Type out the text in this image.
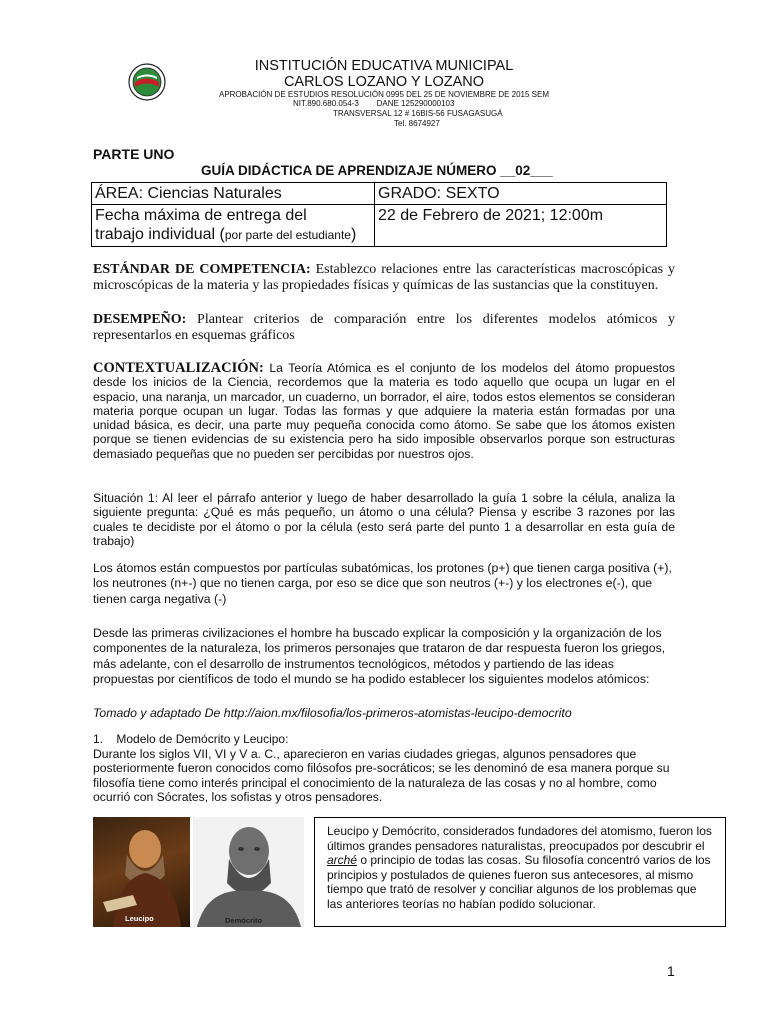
INSTITUCIÓN EDUCATIVA MUNICIPAL
CARLOS LOZANO Y LOZANO
APROBACIÓN DE ESTUDIOS RESOLUCIÓN 0995 DEL 25 DE NOVIEMBRE DE 2015 SEM
NIT.890.680.054-3        DANE 125290000103
TRANSVERSAL 12 # 16BIS-56 FUSAGASUGÁ
Tel. 8674927
PARTE UNO
GUÍA DIDÁCTICA DE APRENDIZAJE NÚMERO __02___
ÁREA: Ciencias Naturales	GRADO: SEXTO

Fecha máxima de entrega del
trabajo individual (por parte del estudiante)	22 de Febrero de 2021; 12:00m
ESTÁNDAR DE COMPETENCIA: Establezco relaciones entre las características macroscópicas y microscópicas de la materia y las propiedades físicas y químicas de las sustancias que la constituyen.
DESEMPEÑO: Plantear criterios de comparación entre los diferentes modelos atómicos y representarlos en esquemas gráficos
CONTEXTUALIZACIÓN: La Teoría Atómica es el conjunto de los modelos del átomo propuestos desde los inicios de la Ciencia, recordemos que la materia es todo aquello que ocupa un lugar en el espacio, una naranja, un marcador, un cuaderno, un borrador, el aire, todos estos elementos se consideran materia porque ocupan un lugar. Todas las formas y que adquiere la materia están formadas por una unidad básica, es decir, una parte muy pequeña conocida como átomo. Se sabe que los átomos existen porque se tienen evidencias de su existencia pero ha sido imposible observarlos porque son estructuras demasiado pequeñas que no pueden ser percibidas por nuestros ojos.
Situación 1: Al leer el párrafo anterior y luego de haber desarrollado la guía 1 sobre la célula, analiza la siguiente pregunta: ¿Qué es más pequeño, un átomo o una célula? Piensa y escribe 3 razones por las cuales te decidiste por el átomo o por la célula (esto será parte del punto 1 a desarrollar en esta guía de trabajo)
Los átomos están compuestos por partículas subatómicas, los protones (p+) que tienen carga positiva (+), los neutrones (n+-) que no tienen carga, por eso se dice que son neutros (+-) y los electrones e(-), que tienen carga negativa (-)
Desde las primeras civilizaciones el hombre ha buscado explicar la composición y la organización de los componentes de la naturaleza, los primeros personajes que trataron de dar respuesta fueron los griegos, más adelante, con el desarrollo de instrumentos tecnológicos, métodos y partiendo de las ideas propuestas por científicos de todo el mundo se ha podido establecer los siguientes modelos atómicos:
Tomado y adaptado De http://aion.mx/filosofia/los-primeros-atomistas-leucipo-democrito
1.    Modelo de Demócrito y Leucipo:
Durante los siglos VII, VI y V a. C., aparecieron en varias ciudades griegas, algunos pensadores que posteriormente fueron conocidos como filósofos pre-socráticos; se les denominó de esa manera porque su filosofía tiene como interés principal el conocimiento de la naturaleza de las cosas y no al hombre, como ocurrió con Sócrates, los sofistas y otros pensadores.
Leucipo	Demócrito
Leucipo y Demócrito, considerados fundadores del atomismo, fueron los últimos grandes pensadores naturalistas, preocupados por descubrir el arché o principio de todas las cosas. Su filosofía concentró varios de los principios y postulados de quienes fueron sus antecesores, al mismo tiempo que trató de resolver y conciliar algunos de los problemas que las anteriores teorías no habían podido solucionar.
1
